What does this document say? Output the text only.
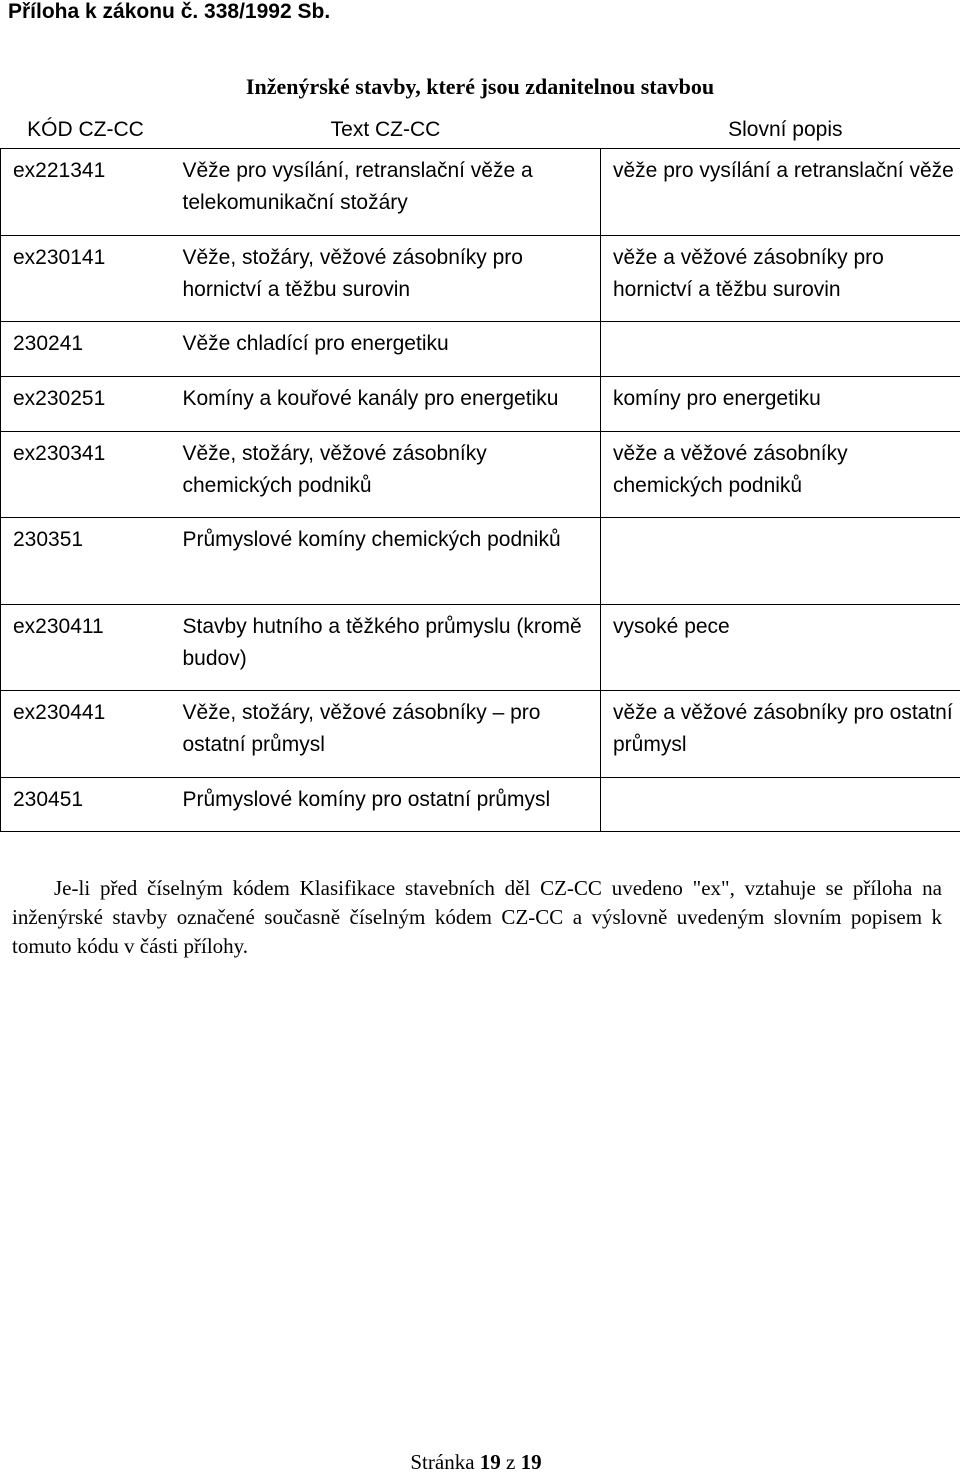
Příloha k zákonu č. 338/1992 Sb.
Inženýrské stavby, které jsou zdanitelnou stavbou
KÓD CZ-CC	Text CZ-CC	Slovní popis
ex221341	Věže pro vysílání, retranslační věže a telekomunikační stožáry	věže pro vysílání a retranslační věže
ex230141	Věže, stožáry, věžové zásobníky pro hornictví a těžbu surovin	věže a věžové zásobníky pro hornictví a těžbu surovin
230241	Věže chladící pro energetiku	
ex230251	Komíny a kouřové kanály pro energetiku	komíny pro energetiku
ex230341	Věže, stožáry, věžové zásobníky chemických podniků	věže a věžové zásobníky chemických podniků
230351	Průmyslové komíny chemických podniků	
ex230411	Stavby hutního a těžkého průmyslu (kromě budov)	vysoké pece
ex230441	Věže, stožáry, věžové zásobníky – pro ostatní průmysl	věže a věžové zásobníky pro ostatní průmysl
230451	Průmyslové komíny pro ostatní průmysl	
Je-li před číselným kódem Klasifikace stavebních děl CZ-CC uvedeno "ex", vztahuje se příloha na inženýrské stavby označené současně číselným kódem CZ-CC a výslovně uvedeným slovním popisem k tomuto kódu v části přílohy.
Stránka 19 z 19
